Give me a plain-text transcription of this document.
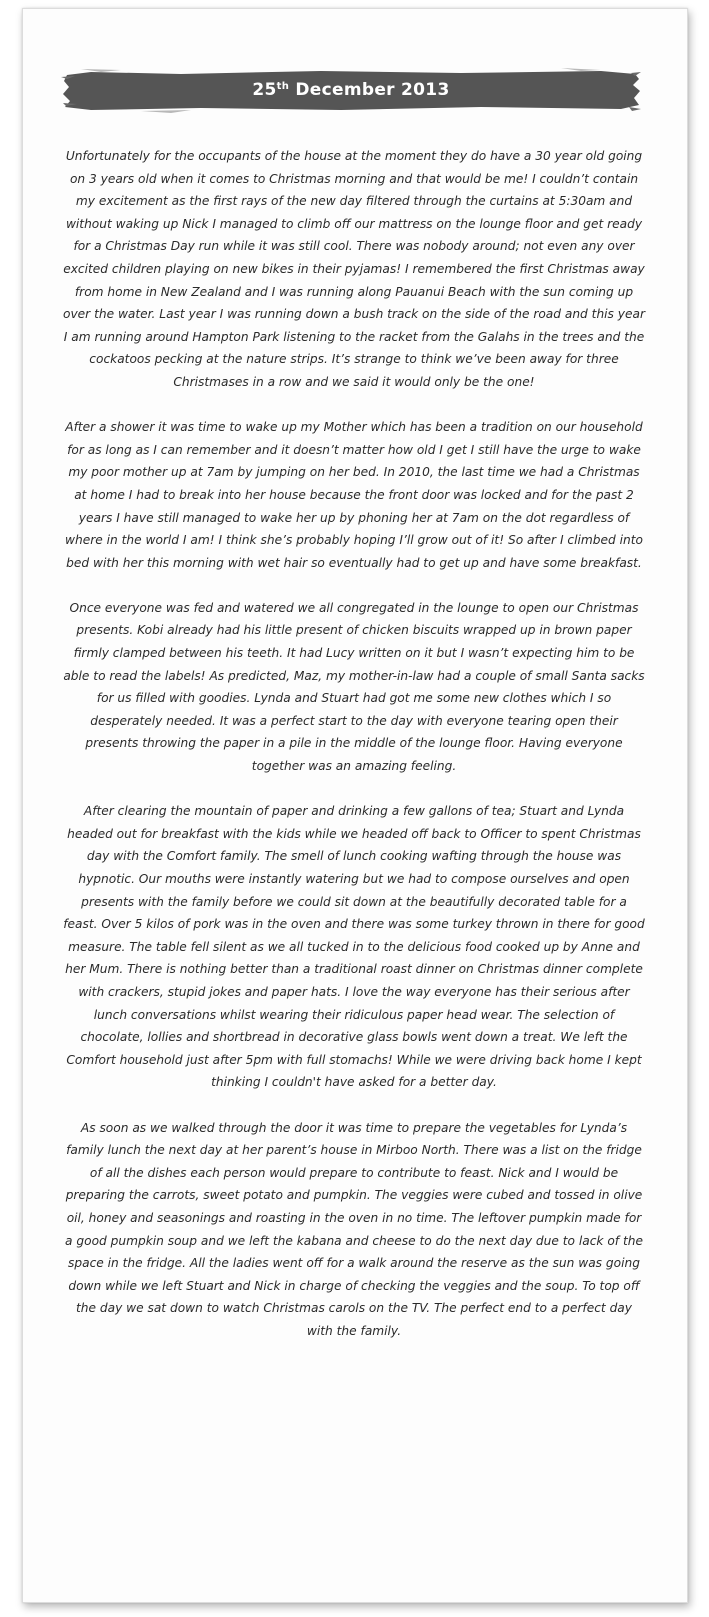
25th December 2013

Unfortunately for the occupants of the house at the moment they do have a 30 year old going on 3 years old when it comes to Christmas morning and that would be me! I couldn’t contain my excitement as the first rays of the new day filtered through the curtains at 5:30am and without waking up Nick I managed to climb off our mattress on the lounge floor and get ready for a Christmas Day run while it was still cool. There was nobody around; not even any over excited children playing on new bikes in their pyjamas! I remembered the first Christmas away from home in New Zealand and I was running along Pauanui Beach with the sun coming up over the water. Last year I was running down a bush track on the side of the road and this year I am running around Hampton Park listening to the racket from the Galahs in the trees and the cockatoos pecking at the nature strips. It’s strange to think we’ve been away for three Christmases in a row and we said it would only be the one!

After a shower it was time to wake up my Mother which has been a tradition on our household for as long as I can remember and it doesn’t matter how old I get I still have the urge to wake my poor mother up at 7am by jumping on her bed. In 2010, the last time we had a Christmas at home I had to break into her house because the front door was locked and for the past 2 years I have still managed to wake her up by phoning her at 7am on the dot regardless of where in the world I am! I think she’s probably hoping I’ll grow out of it! So after I climbed into bed with her this morning with wet hair so eventually had to get up and have some breakfast.

Once everyone was fed and watered we all congregated in the lounge to open our Christmas presents. Kobi already had his little present of chicken biscuits wrapped up in brown paper firmly clamped between his teeth. It had Lucy written on it but I wasn’t expecting him to be able to read the labels! As predicted, Maz, my mother-in-law had a couple of small Santa sacks for us filled with goodies. Lynda and Stuart had got me some new clothes which I so desperately needed. It was a perfect start to the day with everyone tearing open their presents throwing the paper in a pile in the middle of the lounge floor. Having everyone together was an amazing feeling.

After clearing the mountain of paper and drinking a few gallons of tea; Stuart and Lynda headed out for breakfast with the kids while we headed off back to Officer to spent Christmas day with the Comfort family. The smell of lunch cooking wafting through the house was hypnotic. Our mouths were instantly watering but we had to compose ourselves and open presents with the family before we could sit down at the beautifully decorated table for a feast. Over 5 kilos of pork was in the oven and there was some turkey thrown in there for good measure. The table fell silent as we all tucked in to the delicious food cooked up by Anne and her Mum. There is nothing better than a traditional roast dinner on Christmas dinner complete with crackers, stupid jokes and paper hats. I love the way everyone has their serious after lunch conversations whilst wearing their ridiculous paper head wear. The selection of chocolate, lollies and shortbread in decorative glass bowls went down a treat. We left the Comfort household just after 5pm with full stomachs! While we were driving back home I kept thinking I couldn't have asked for a better day.

As soon as we walked through the door it was time to prepare the vegetables for Lynda’s family lunch the next day at her parent’s house in Mirboo North. There was a list on the fridge of all the dishes each person would prepare to contribute to feast. Nick and I would be preparing the carrots, sweet potato and pumpkin. The veggies were cubed and tossed in olive oil, honey and seasonings and roasting in the oven in no time. The leftover pumpkin made for a good pumpkin soup and we left the kabana and cheese to do the next day due to lack of the space in the fridge. All the ladies went off for a walk around the reserve as the sun was going down while we left Stuart and Nick in charge of checking the veggies and the soup. To top off the day we sat down to watch Christmas carols on the TV. The perfect end to a perfect day with the family.
